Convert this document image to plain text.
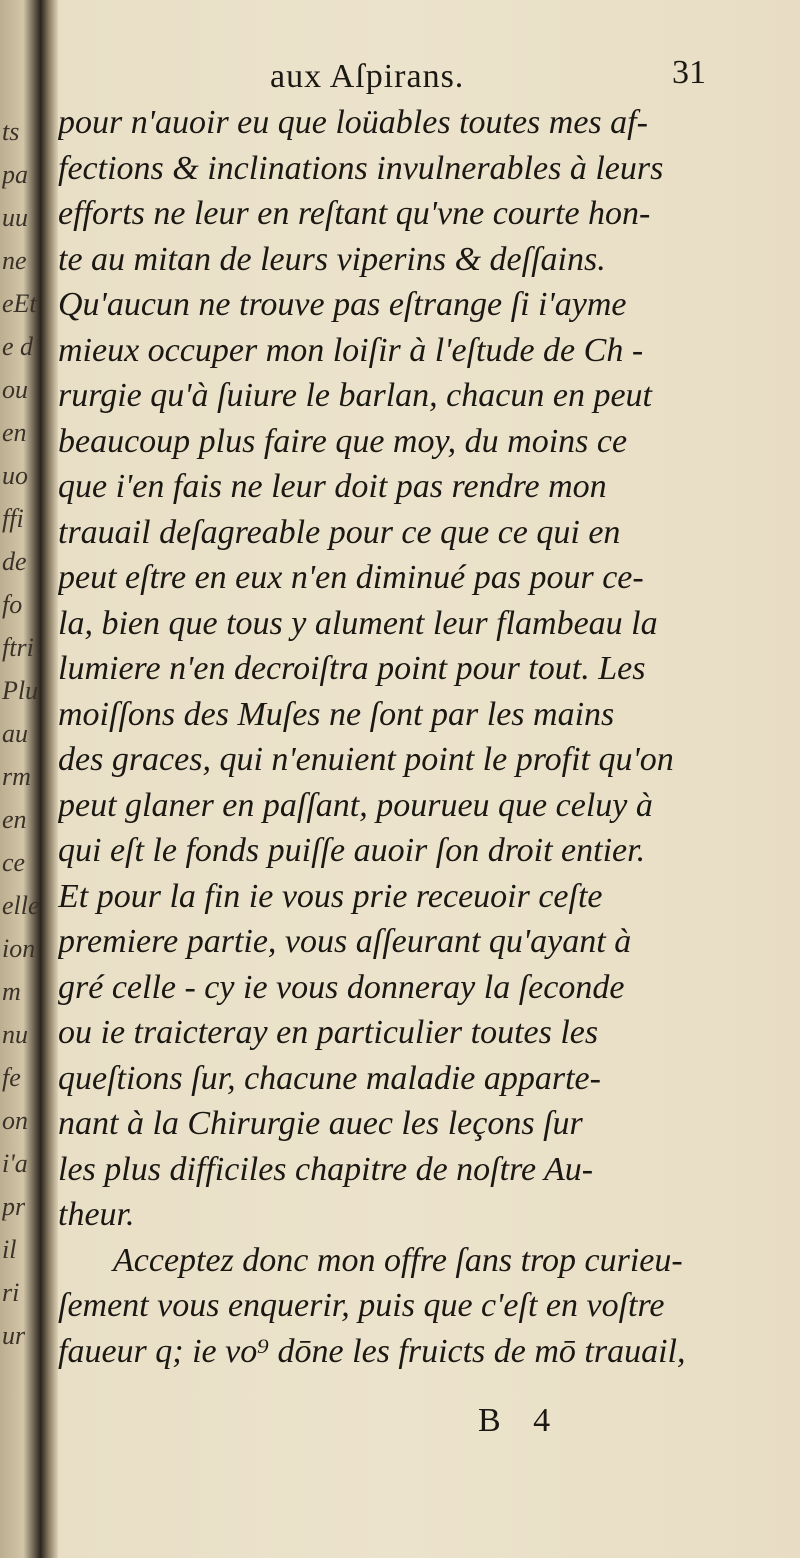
ts
pa
uu
ne
eEt
e d
ou
en
uo
ffi
de
fo
ftri
Plu
au
rm
en
ce
elle
ion
m
nu
fe
on
i'a
pr
il
ri
ur
aux Aſpirans.	31
pour n'auoir eu que loüables toutes mes af-
fections & inclinations invulnerables à leurs
efforts ne leur en reſtant qu'vne courte hon-
te au mitan de leurs viperins & deſſains.
Qu'aucun ne trouve pas eſtrange ſi i'ayme
mieux occuper mon loiſir à l'eſtude de Ch -
rurgie qu'à ſuiure le barlan, chacun en peut
beaucoup plus faire que moy, du moins ce
que i'en fais ne leur doit pas rendre mon
trauail deſagreable pour ce que ce qui en
peut eſtre en eux n'en diminué pas pour ce-
la, bien que tous y alument leur flambeau la
lumiere n'en decroiſtra point pour tout. Les
moiſſons des Muſes ne ſont par les mains
des graces, qui n'enuient point le profit qu'on
peut glaner en paſſant, pourueu que celuy à
qui eſt le fonds puiſſe auoir ſon droit entier.
Et pour la fin ie vous prie receuoir ceſte
premiere partie, vous aſſeurant qu'ayant à
gré celle - cy ie vous donneray la ſeconde
ou ie traicteray en particulier toutes les
queſtions ſur, chacune maladie apparte-
nant à la Chirurgie auec les leçons ſur
les plus difficiles chapitre de noſtre Au-
theur.
Acceptez donc mon offre ſans trop curieu-
ſement vous enquerir, puis que c'eſt en voſtre
faueur q; ie vo⁹ dōne les fruicts de mō trauail,
B 4
